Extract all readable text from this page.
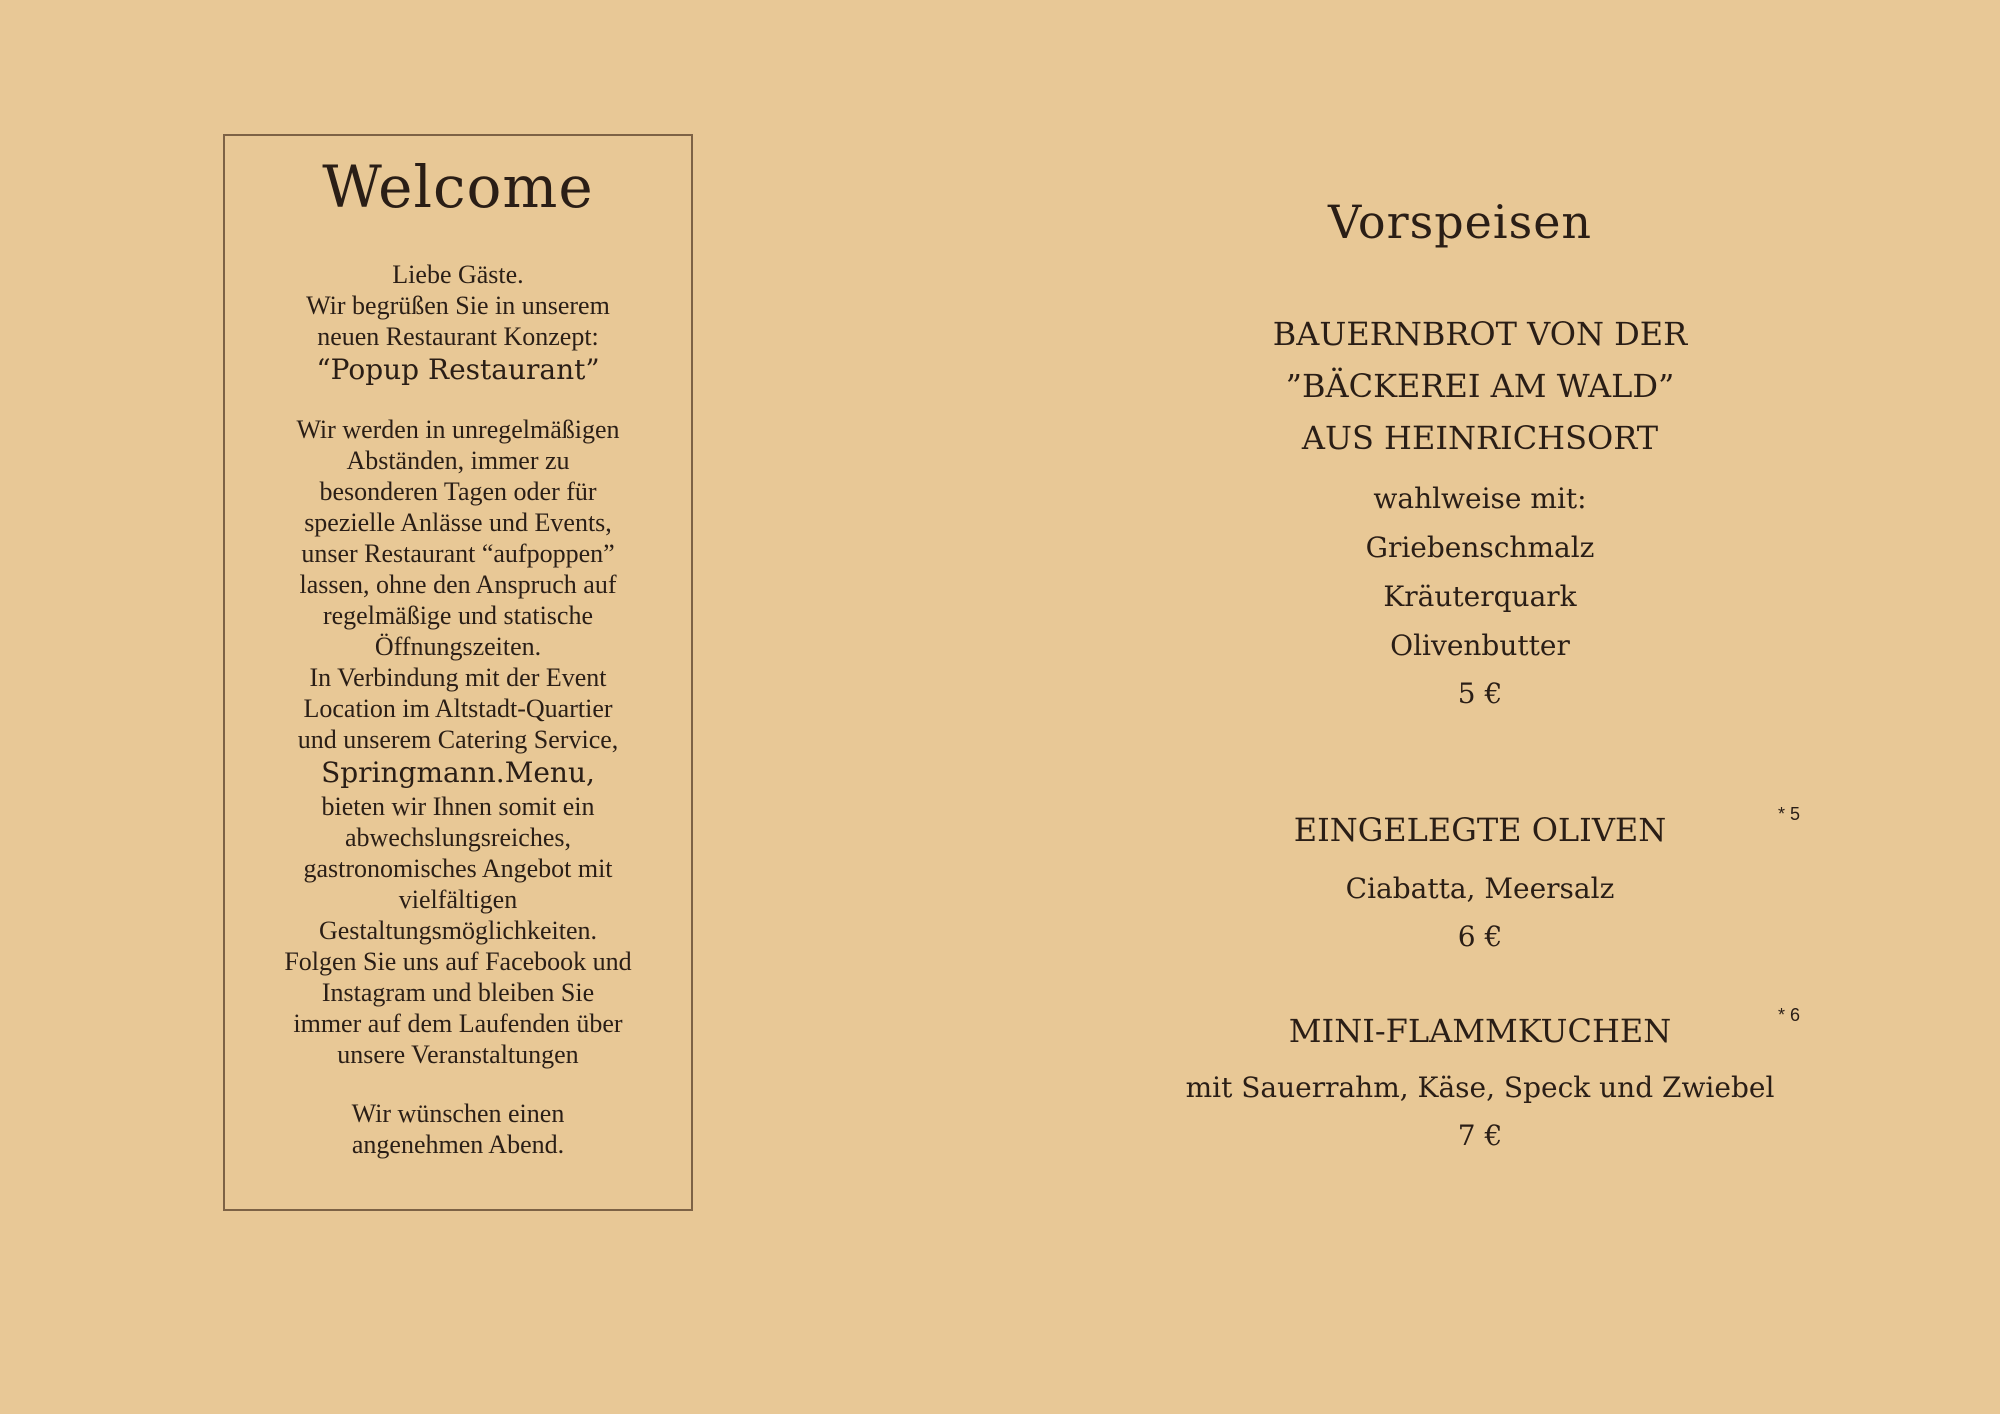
Welcome

Liebe Gäste.

Wir begrüßen Sie in unserem

neuen Restaurant Konzept:

“Popup Restaurant”

Wir werden in unregelmäßigen

Abständen, immer zu

besonderen Tagen oder für

spezielle Anlässe und Events,

unser Restaurant “aufpoppen”

lassen, ohne den Anspruch auf

regelmäßige und statische

Öffnungszeiten.

In Verbindung mit der Event

Location im Altstadt-Quartier

und unserem Catering Service,

Springmann.Menu,

bieten wir Ihnen somit ein

abwechslungsreiches,

gastronomisches Angebot mit

vielfältigen

Gestaltungsmöglichkeiten.

Folgen Sie uns auf Facebook und

Instagram und bleiben Sie

immer auf dem Laufenden über

unsere Veranstaltungen

Wir wünschen einen

angenehmen Abend.

Vorspeisen
BAUERNBROT VON DER
”BÄCKEREI AM WALD”
AUS HEINRICHSORT
wahlweise mit:
Griebenschmalz
Kräuterquark
Olivenbutter
5 €
* 5
EINGELEGTE OLIVEN
Ciabatta, Meersalz
6 €
* 6
MINI-FLAMMKUCHEN
mit Sauerrahm, Käse, Speck und Zwiebel
7 €
